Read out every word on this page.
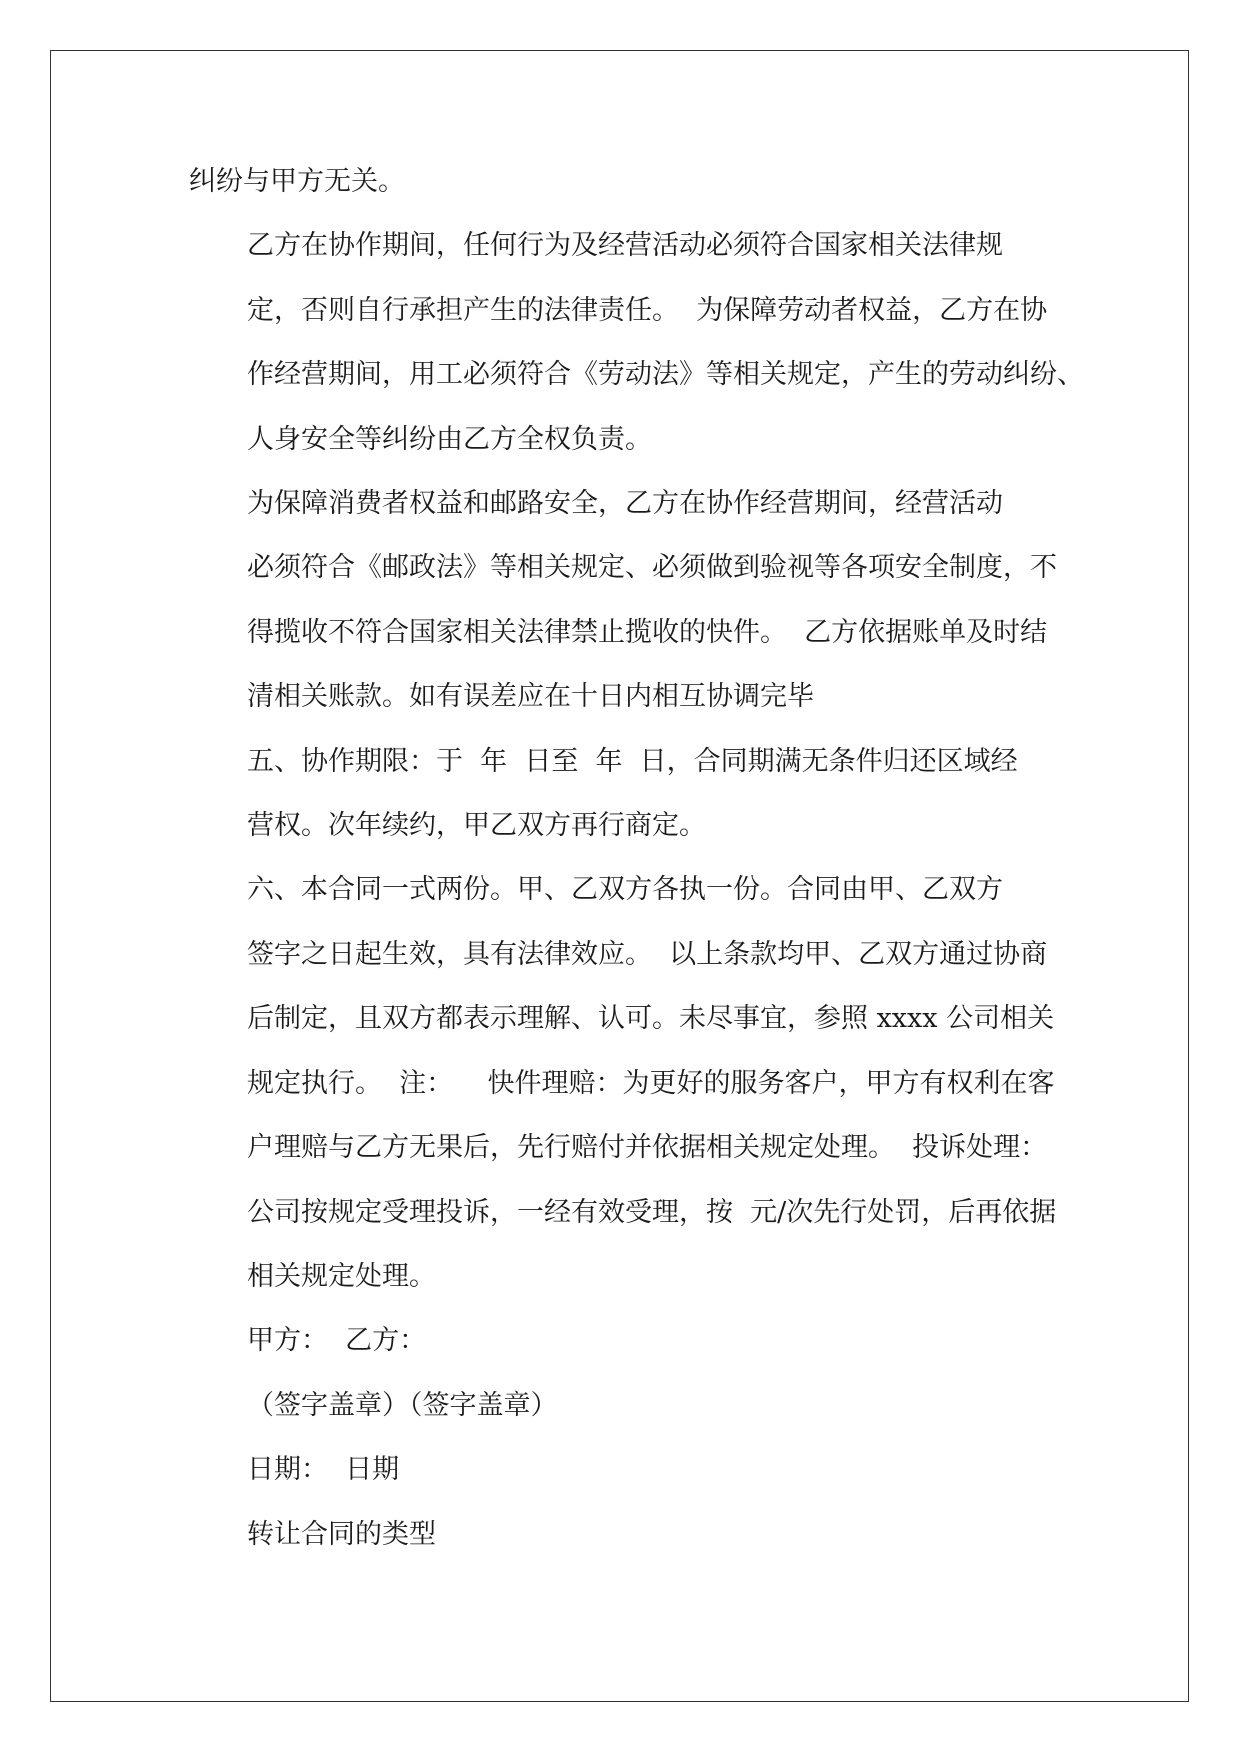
纠纷与甲方无关。

乙方在协作期间，任何行为及经营活动必须符合国家相关法律规
定，否则自行承担产生的法律责任。  为保障劳动者权益，乙方在协
作经营期间，用工必须符合《劳动法》等相关规定，产生的劳动纠纷、
人身安全等纠纷由乙方全权负责。

为保障消费者权益和邮路安全，乙方在协作经营期间，经营活动
必须符合《邮政法》等相关规定、必须做到验视等各项安全制度，不
得揽收不符合国家相关法律禁止揽收的快件。  乙方依据账单及时结
清相关账款。如有误差应在十日内相互协调完毕

五、协作期限：于  年  日至  年  日，合同期满无条件归还区域经
营权。次年续约，甲乙双方再行商定。

六、本合同一式两份。甲、乙双方各执一份。合同由甲、乙双方
签字之日起生效，具有法律效应。  以上条款均甲、乙双方通过协商
后制定，且双方都表示理解、认可。未尽事宜，参照 xxxx 公司相关
规定执行。  注：    快件理赔：为更好的服务客户，甲方有权利在客
户理赔与乙方无果后，先行赔付并依据相关规定处理。  投诉处理：
公司按规定受理投诉，一经有效受理，按  元/次先行处罚，后再依据
相关规定处理。

甲方：  乙方：

（签字盖章）（签字盖章）

日期：  日期

转让合同的类型
